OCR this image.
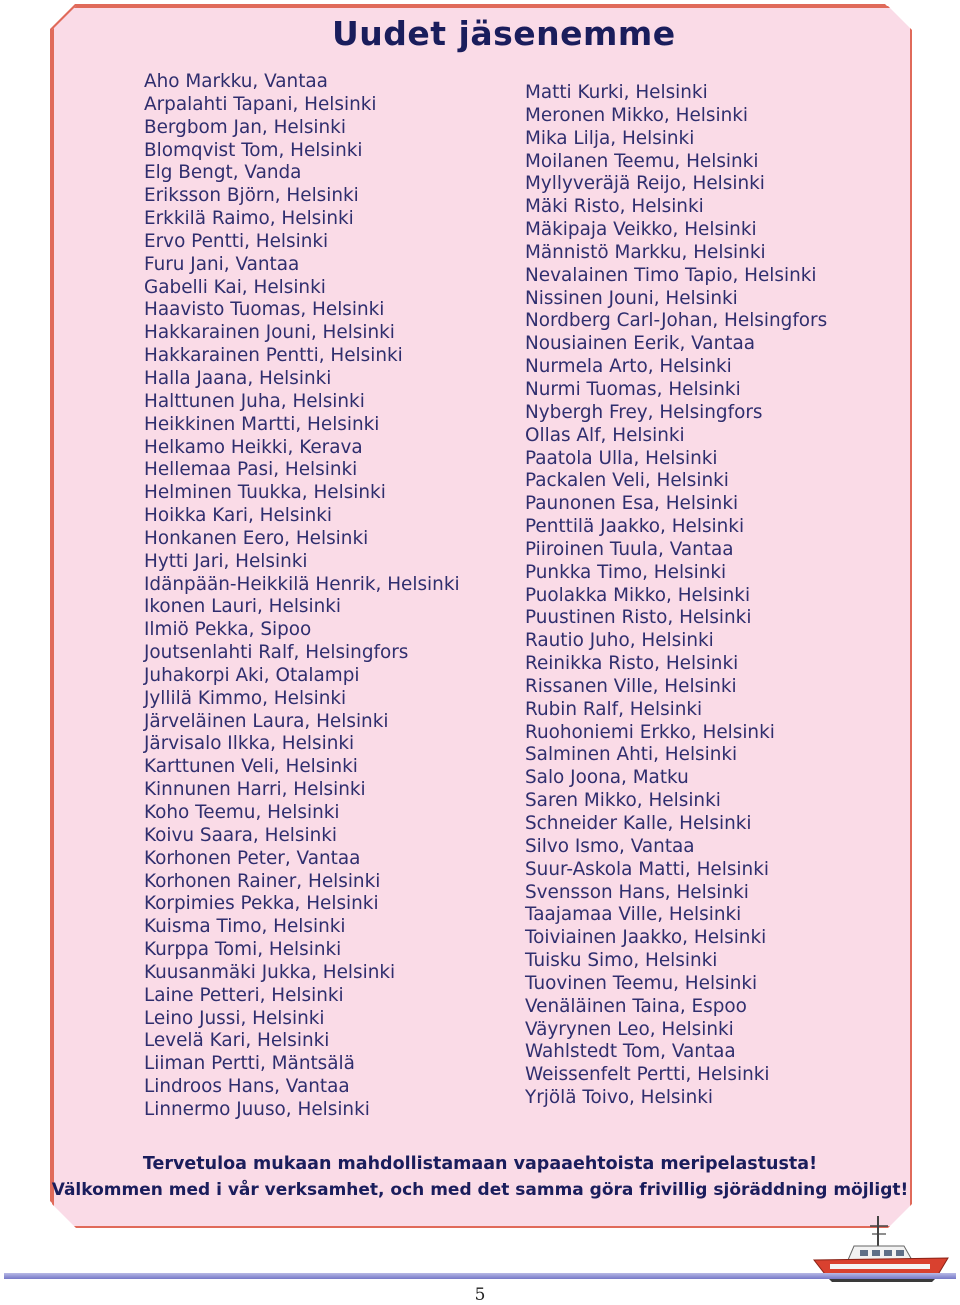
Uudet jäsenemme
Aho Markku, Vantaa
Arpalahti Tapani, Helsinki
Bergbom Jan, Helsinki
Blomqvist Tom, Helsinki
Elg Bengt, Vanda
Eriksson Björn, Helsinki
Erkkilä Raimo, Helsinki
Ervo Pentti, Helsinki
Furu Jani, Vantaa
Gabelli Kai, Helsinki
Haavisto Tuomas, Helsinki
Hakkarainen Jouni, Helsinki
Hakkarainen Pentti, Helsinki
Halla Jaana, Helsinki
Halttunen Juha, Helsinki
Heikkinen Martti, Helsinki
Helkamo Heikki, Kerava
Hellemaa Pasi, Helsinki
Helminen Tuukka, Helsinki
Hoikka Kari, Helsinki
Honkanen Eero, Helsinki
Hytti Jari, Helsinki
Idänpään-Heikkilä Henrik, Helsinki
Ikonen Lauri, Helsinki
Ilmiö Pekka, Sipoo
Joutsenlahti Ralf, Helsingfors
Juhakorpi Aki, Otalampi
Jyllilä Kimmo, Helsinki
Järveläinen Laura, Helsinki
Järvisalo Ilkka, Helsinki
Karttunen Veli, Helsinki
Kinnunen Harri, Helsinki
Koho Teemu, Helsinki
Koivu Saara, Helsinki
Korhonen Peter, Vantaa
Korhonen Rainer, Helsinki
Korpimies Pekka, Helsinki
Kuisma Timo, Helsinki
Kurppa Tomi, Helsinki
Kuusanmäki Jukka, Helsinki
Laine Petteri, Helsinki
Leino Jussi, Helsinki
Levelä Kari, Helsinki
Liiman Pertti, Mäntsälä
Lindroos Hans, Vantaa
Linnermo Juuso, Helsinki
Matti Kurki, Helsinki
Meronen Mikko, Helsinki
Mika Lilja, Helsinki
Moilanen Teemu, Helsinki
Myllyveräjä Reijo, Helsinki
Mäki Risto, Helsinki
Mäkipaja Veikko, Helsinki
Männistö Markku, Helsinki
Nevalainen Timo Tapio, Helsinki
Nissinen Jouni, Helsinki
Nordberg Carl-Johan, Helsingfors
Nousiainen Eerik, Vantaa
Nurmela Arto, Helsinki
Nurmi Tuomas, Helsinki
Nybergh Frey, Helsingfors
Ollas Alf, Helsinki
Paatola Ulla, Helsinki
Packalen Veli, Helsinki
Paunonen Esa, Helsinki
Penttilä Jaakko, Helsinki
Piiroinen Tuula, Vantaa
Punkka Timo, Helsinki
Puolakka Mikko, Helsinki
Puustinen Risto, Helsinki
Rautio Juho, Helsinki
Reinikka Risto, Helsinki
Rissanen Ville, Helsinki
Rubin Ralf, Helsinki
Ruohoniemi Erkko, Helsinki
Salminen Ahti, Helsinki
Salo Joona, Matku
Saren Mikko, Helsinki
Schneider Kalle, Helsinki
Silvo Ismo, Vantaa
Suur-Askola Matti, Helsinki
Svensson Hans, Helsinki
Taajamaa Ville, Helsinki
Toiviainen Jaakko, Helsinki
Tuisku Simo, Helsinki
Tuovinen Teemu, Helsinki
Venäläinen Taina, Espoo
Väyrynen Leo, Helsinki
Wahlstedt Tom, Vantaa
Weissenfelt Pertti, Helsinki
Yrjölä Toivo, Helsinki

Tervetuloa mukaan mahdollistamaan vapaaehtoista meripelastusta!

Välkommen med i vår verksamhet, och med det samma göra frivillig sjöräddning möjligt!

5
